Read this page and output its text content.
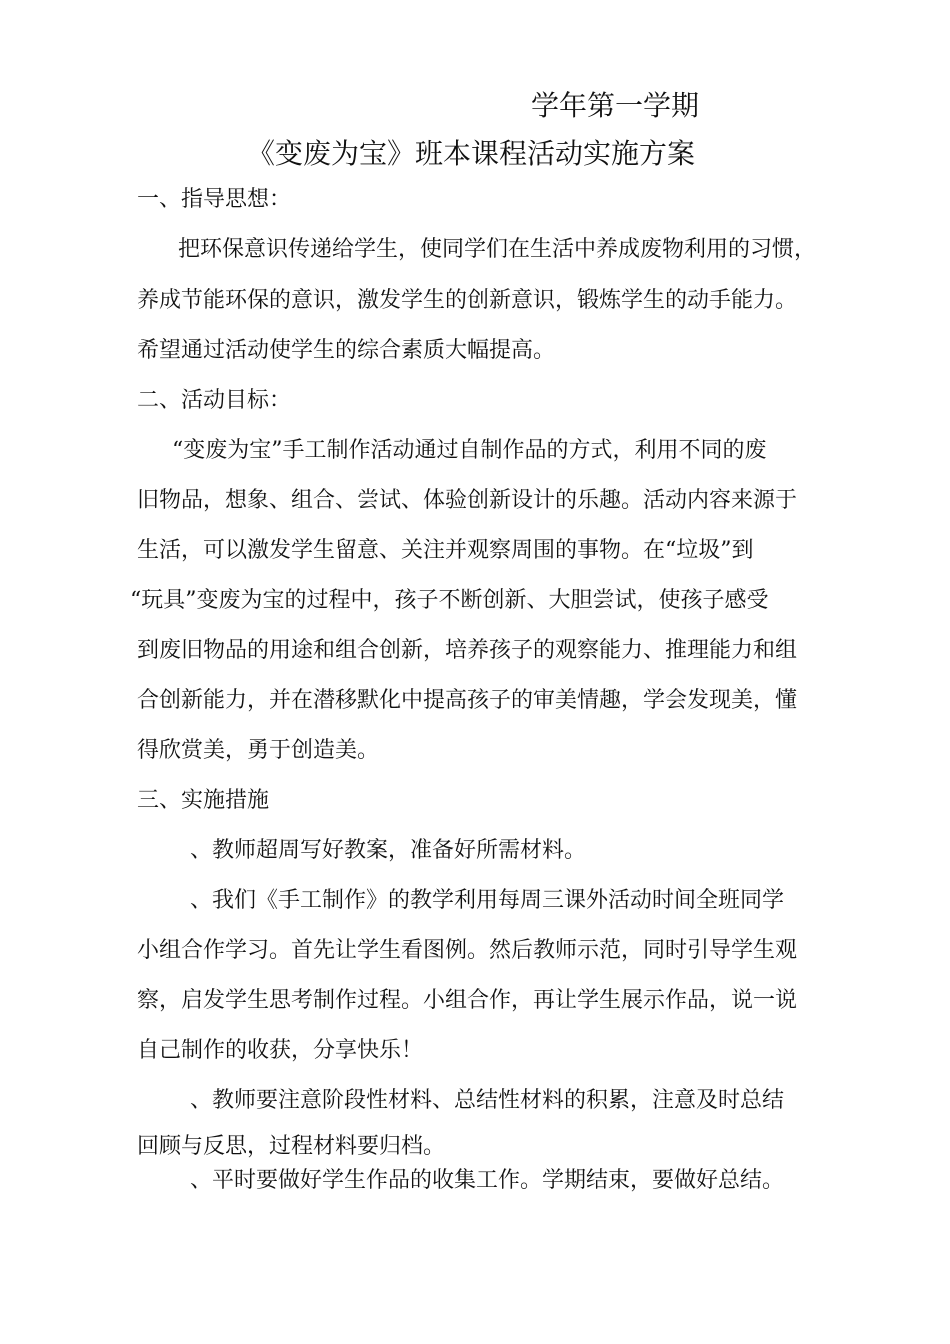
学年第一学期
《变废为宝》班本课程活动实施方案
一、指导思想：
把环保意识传递给学生，使同学们在生活中养成废物利用的习惯，
养成节能环保的意识，激发学生的创新意识，锻炼学生的动手能力。
希望通过活动使学生的综合素质大幅提高。
二、活动目标：
“变废为宝”手工制作活动通过自制作品的方式，利用不同的废
旧物品，想象、组合、尝试、体验创新设计的乐趣。活动内容来源于
生活，可以激发学生留意、关注并观察周围的事物。在“垃圾”到
“玩具”变废为宝的过程中，孩子不断创新、大胆尝试，使孩子感受
到废旧物品的用途和组合创新，培养孩子的观察能力、推理能力和组
合创新能力，并在潜移默化中提高孩子的审美情趣，学会发现美，懂
得欣赏美，勇于创造美。
三、实施措施
、教师超周写好教案，准备好所需材料。
、我们《手工制作》的教学利用每周三课外活动时间全班同学
小组合作学习。首先让学生看图例。然后教师示范，同时引导学生观
察，启发学生思考制作过程。小组合作，再让学生展示作品，说一说
自己制作的收获，分享快乐！
、教师要注意阶段性材料、总结性材料的积累，注意及时总结
回顾与反思，过程材料要归档。
、平时要做好学生作品的收集工作。学期结束，要做好总结。
